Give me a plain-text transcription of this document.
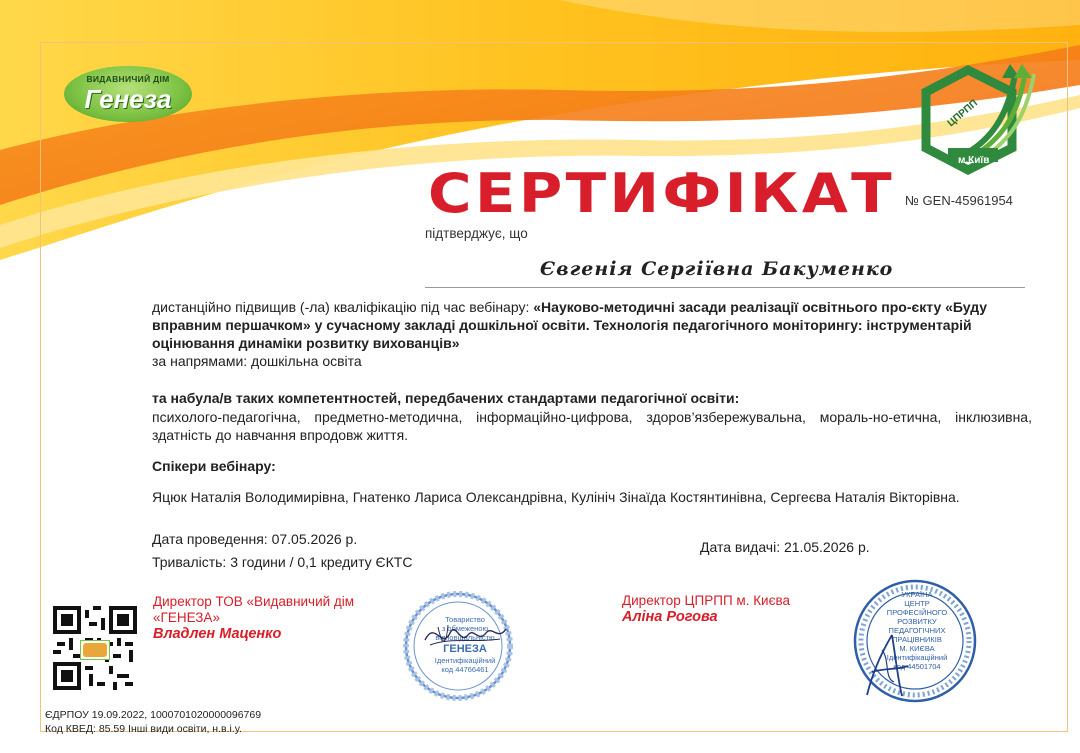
ВИДАВНИЧИЙ ДІМ
Генеза	ЦПРПП
м.Київ
СЕРТИФІКАТ № GEN-45961954
підтверджує, що
Євгенія Сергіївна Бакуменко
дистанційно підвищив (-ла) кваліфікацію під час вебінару: «Науково-методичні засади реалізації освітнього про-єкту «Буду вправним першачком» у сучасному закладі дошкільної освіти. Технологія педагогічного моніторингу: інструментарій оцінювання динаміки розвитку вихованців»
за напрямами: дошкільна освіта
та набула/в таких компетентностей, передбачених стандартами педагогічної освіти:
психолого-педагогічна, предметно-методична, інформаційно-цифрова, здоров’язбережувальна, мораль-но-етична, інклюзивна, здатність до навчання впродовж життя.
Спікери вебінару:
Яцюк Наталія Володимирівна, Гнатенко Лариса Олександрівна, Кулініч Зінаїда Костянтинівна, Сергеєва Наталія Вікторівна.
Дата проведення: 07.05.2026 р.
Тривалість: 3 години / 0,1 кредиту ЄКТС
Дата видачі: 21.05.2026 р.
Директор ТОВ «Видавничий дім «ГЕНЕЗА»
Владлен Маценко
Товариство
з обмеженою
відповідальністю
ГЕНЕЗА
Ідентифікаційний
код 44766461
Директор ЦПРПП м. Києва
Аліна Рогова
УКРАЇНА
ЦЕНТР
ПРОФЕСІЙНОГО
РОЗВИТКУ
ПЕДАГОГІЧНИХ
ПРАЦІВНИКІВ
М. КИЄВА
Ідентифікаційний
код 44501704
ЄДРПОУ 19.09.2022, 1000701020000096769
Код КВЕД: 85.59 Інші види освіти, н.в.і.у.
